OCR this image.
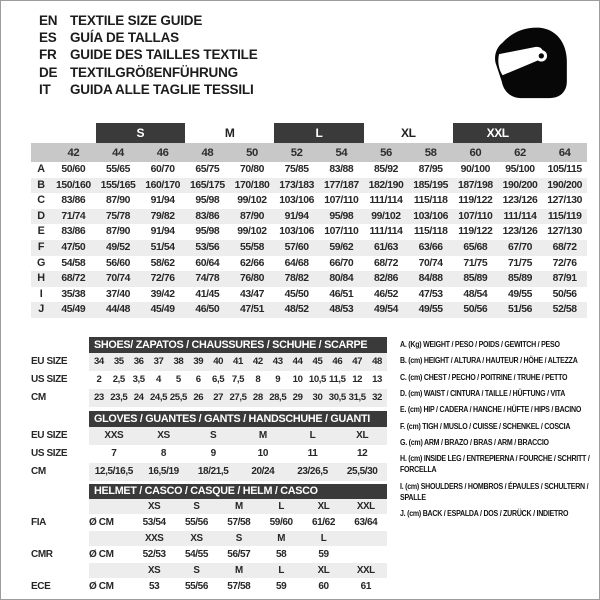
EN TEXTILE SIZE GUIDE
ES GUÍA DE TALLAS
FR GUIDE DES TAILLES TEXTILE
DE TEXTILGRÖßENFÜHRUNG
IT	GUIDA ALLE TAGLIE TESSILI
S	M	L	XL	XXL
42	44	46	48	50	52	54	56	58	60	62	64
A	50/60	55/65	60/70	65/75	70/80	75/85	83/88	85/92	87/95	90/100	95/100	105/115
B	150/160 155/165 160/170 165/175 170/180 173/183 177/187 182/190 185/195 187/198 190/200 190/200
C	83/86	87/90	91/94	95/98	99/102	103/106 107/110	111/114	115/118	119/122 123/126 127/130
D	71/74	75/78	79/82	83/86	87/90	91/94	95/98	99/102	103/106 107/110	111/114	115/119
E	83/86	87/90	91/94	95/98	99/102	103/106 107/110	111/114	115/118	119/122 123/126 127/130
F	47/50	49/52	51/54	53/56	55/58	57/60	59/62	61/63	63/66	65/68	67/70	68/72
G	54/58	56/60	58/62	60/64	62/66	64/68	66/70	68/72	70/74	71/75	71/75	72/76
H	68/72	70/74	72/76	74/78	76/80	78/82	80/84	82/86	84/88	85/89	85/89	87/91
I	35/38	37/40	39/42	41/45	43/47	45/50	46/51	46/52	47/53	48/54	49/55	50/56
J	45/49	44/48	45/49	46/50	47/51	48/52	48/53	49/54	49/55	50/56	51/56	52/58
SHOES/ ZAPATOS / CHAUSSURES / SCHUHE / SCARPE
EU SIZE	34	35	36	37	38	39	40	41	42	43	44	45	46	47	48
US SIZE	2	2,5 3,5	4	5	6	6,5 7,5	8	9	10 10,5 11,5 12	13
CM	23 23,5 24 24,5 25,5 26	27 27,5 28 28,5 29	30 30,5 31,5 32
GLOVES / GUANTES / GANTS / HANDSCHUHE / GUANTI
EU SIZE	XXS	XS	S	M	L	XL
US SIZE	7	8	9	10	11	12
CM	12,5/16,5	16,5/19	18/21,5	20/24	23/26,5	25,5/30
HELMET / CASCO / CASQUE / HELM / CASCO
XS	S	M	L	XL	XXL
FIA	Ø CM	53/54	55/56	57/58	59/60	61/62	63/64
XXS	XS	S	M	L
CMR	Ø CM	52/53	54/55	56/57	58	59
XS	S	M	L	XL	XXL
ECE	Ø CM	53	55/56	57/58	59	60	61
A. (Kg) WEIGHT / PESO / POIDS / GEWITCH / PESO
B. (cm) HEIGHT / ALTURA / HAUTEUR / HÖHE / ALTEZZA
C. (cm) CHEST / PECHO / POITRINE / TRUHE / PETTO
D. (cm) WAIST / CINTURA / TAILLE / HÜFTUNG / VITA
E. (cm) HIP / CADERA / HANCHE / HÜFTE / HIPS / BACINO
F. (cm) TIGH / MUSLO / CUISSE / SCHENKEL / COSCIA
G. (cm) ARM / BRAZO / BRAS / ARM / BRACCIO
H. (cm) INSIDE LEG / ENTREPIERNA / FOURCHE / SCHRITT / FORCELLA
I. (cm) SHOULDERS / HOMBROS / ÉPAULES / SCHULTERN / SPALLE
J. (cm) BACK / ESPALDA / DOS / ZURÜCK / INDIETRO
